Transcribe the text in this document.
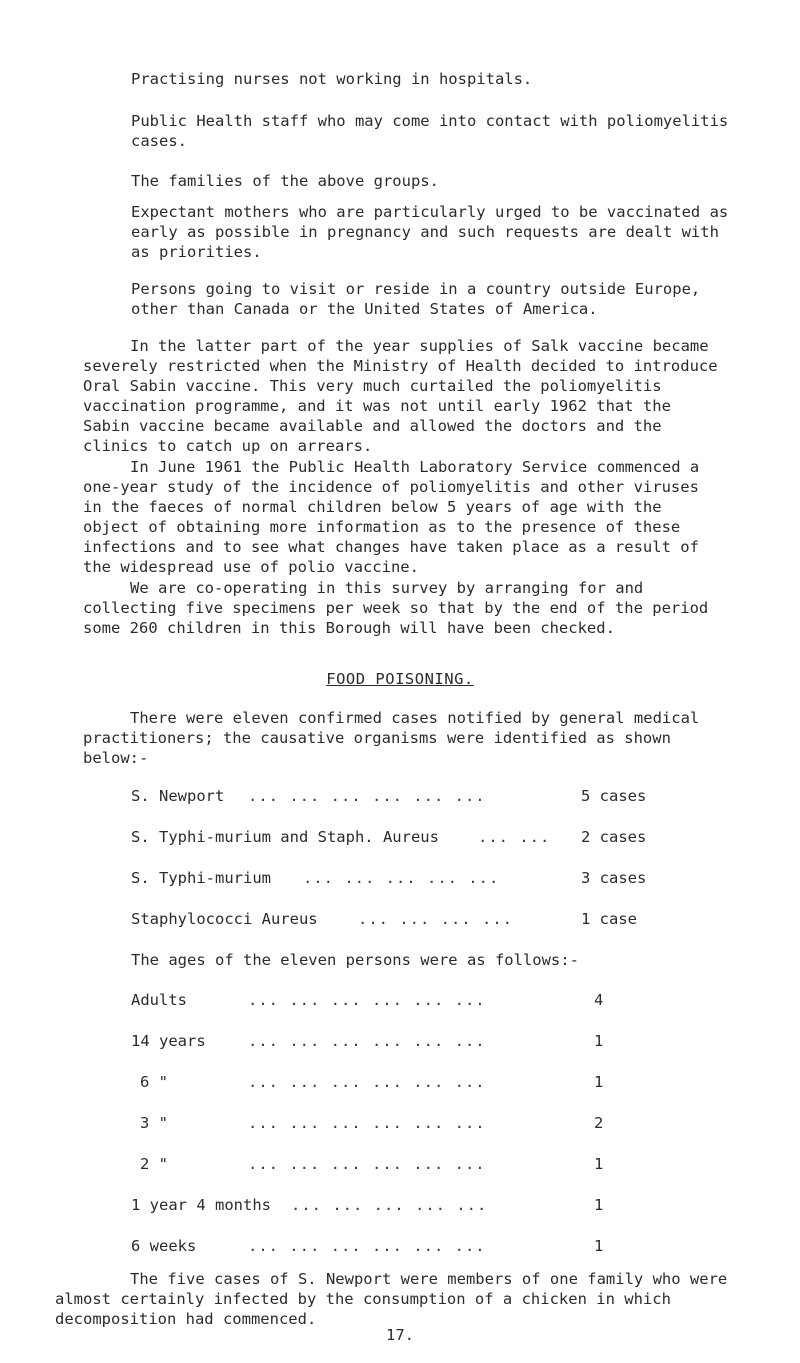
Practising nurses not working in hospitals.
Public Health staff who may come into contact with poliomyelitis cases.
The families of the above groups.
Expectant mothers who are particularly urged to be vaccinated as early as possible in pregnancy and such requests are dealt with as priorities.
Persons going to visit or reside in a country outside Europe, other than Canada or the United States of America.
In the latter part of the year supplies of Salk vaccine became severely restricted when the Ministry of Health decided to introduce Oral Sabin vaccine. This very much curtailed the poliomyelitis vaccination programme, and it was not until early 1962 that the Sabin vaccine became available and allowed the doctors and the clinics to catch up on arrears.
In June 1961 the Public Health Laboratory Service commenced a one-year study of the incidence of poliomyelitis and other viruses in the faeces of normal children below 5 years of age with the object of obtaining more information as to the presence of these infections and to see what changes have taken place as a result of the widespread use of polio vaccine.
We are co-operating in this survey by arranging for and collecting five specimens per week so that by the end of the period some 260 children in this Borough will have been checked.
FOOD POISONING.
There were eleven confirmed cases notified by general medical practitioners; the causative organisms were identified as shown below:-
S. Newport ... ... ... ... ... ...	5 cases
S. Typhi-murium and Staph. Aureus	... ... 2 cases
S. Typhi-murium ... ... ... ... ...	3 cases
Staphylococci Aureus	... ... ... ...	1 case
The ages of the eleven persons were as follows:-
Adults	... ... ... ... ... ...	4
14 years	... ... ... ... ... ...	1
6 "	... ... ... ... ... ...	1
3 "	... ... ... ... ... ...	2
2 "	... ... ... ... ... ...	1
1 year 4 months ... ... ... ... ...	1
6 weeks	... ... ... ... ... ...	1
The five cases of S. Newport were members of one family who were almost certainly infected by the consumption of a chicken in which decomposition had commenced.
17.
